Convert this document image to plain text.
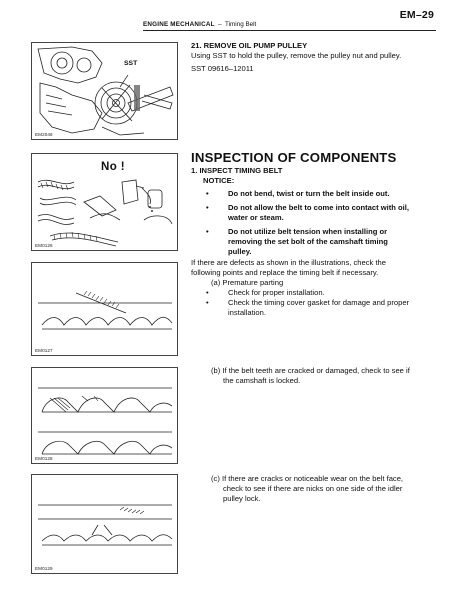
EM–29
ENGINE MECHANICAL – Timing Belt
SST
EM2046
No !
EM0126
EM0127
EM0128
EM0129
21. REMOVE OIL PUMP PULLEY
Using SST to hold the pulley, remove the pulley nut and pulley.
SST 09616–12011
INSPECTION OF COMPONENTS
1. INSPECT TIMING BELT
NOTICE:
•	Do not bend, twist or turn the belt inside out.
•	Do not allow the belt to come into contact with oil, water or steam.
•	Do not utilize belt tension when installing or removing the set bolt of the camshaft timing pulley.
If there are defects as shown in the illustrations, check the following points and replace the timing belt if necessary.
(a) Premature parting
•	Check for proper installation.
•	Check the timing cover gasket for damage and proper installation.
(b) If the belt teeth are cracked or damaged, check to see if the camshaft is locked.
(c) If there are cracks or noticeable wear on the belt face, check to see if there are nicks on one side of the idler pulley lock.
